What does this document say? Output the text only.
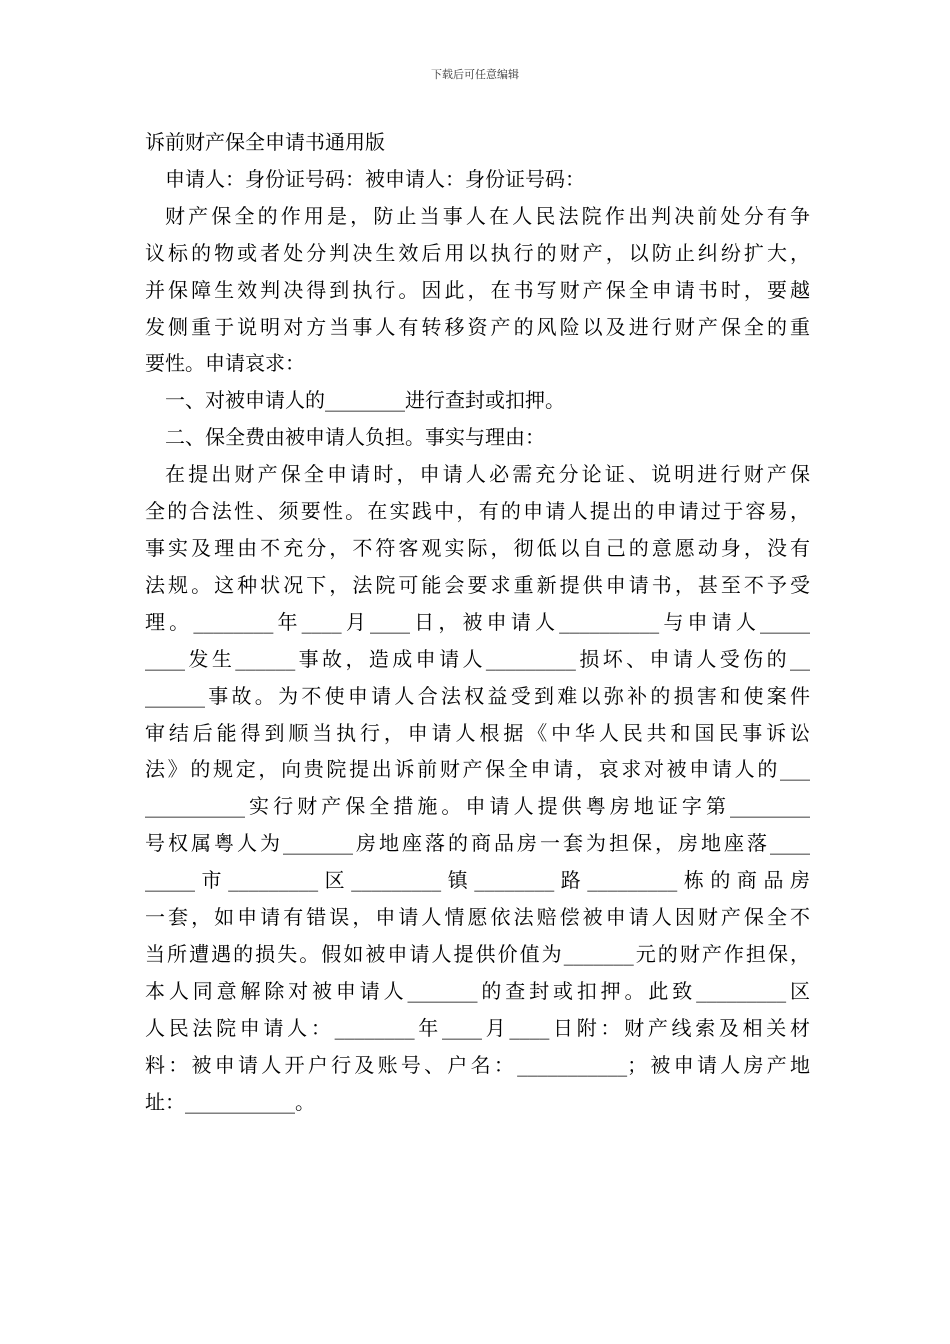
下载后可任意编辑
诉前财产保全申请书通用版
申请人：身份证号码：被申请人：身份证号码：
财产保全的作用是，防止当事人在人民法院作出判决前处分有争
议标的物或者处分判决生效后用以执行的财产，以防止纠纷扩大，
并保障生效判决得到执行。因此，在书写财产保全申请书时，要越
发侧重于说明对方当事人有转移资产的风险以及进行财产保全的重
要性。申请哀求：
一、对被申请人的________进行查封或扣押。
二、保全费由被申请人负担。事实与理由：
在提出财产保全申请时，申请人必需充分论证、说明进行财产保
全的合法性、须要性。在实践中，有的申请人提出的申请过于容易，
事实及理由不充分，不符客观实际，彻低以自己的意愿动身，没有
法规。这种状况下，法院可能会要求重新提供申请书，甚至不予受
理。________年____月____日，被申请人__________与申请人_____
____发生______事故，造成申请人_________损坏、申请人受伤的__
______事故。为不使申请人合法权益受到难以弥补的损害和使案件
审结后能得到顺当执行，申请人根据《中华人民共和国民事诉讼
法》的规定，向贵院提出诉前财产保全申请，哀求对被申请人的___
__________实行财产保全措施。申请人提供粤房地证字第________
号权属粤人为_______房地座落的商品房一套为担保，房地座落____
_____市_________区_________镇________路_________栋的商品房
一套，如申请有错误，申请人情愿依法赔偿被申请人因财产保全不
当所遭遇的损失。假如被申请人提供价值为_______元的财产作担保，
本人同意解除对被申请人_______的查封或扣押。此致_________区
人民法院申请人：________年____月____日附：财产线索及相关材
料：被申请人开户行及账号、户名：___________；被申请人房产地
址：___________。
